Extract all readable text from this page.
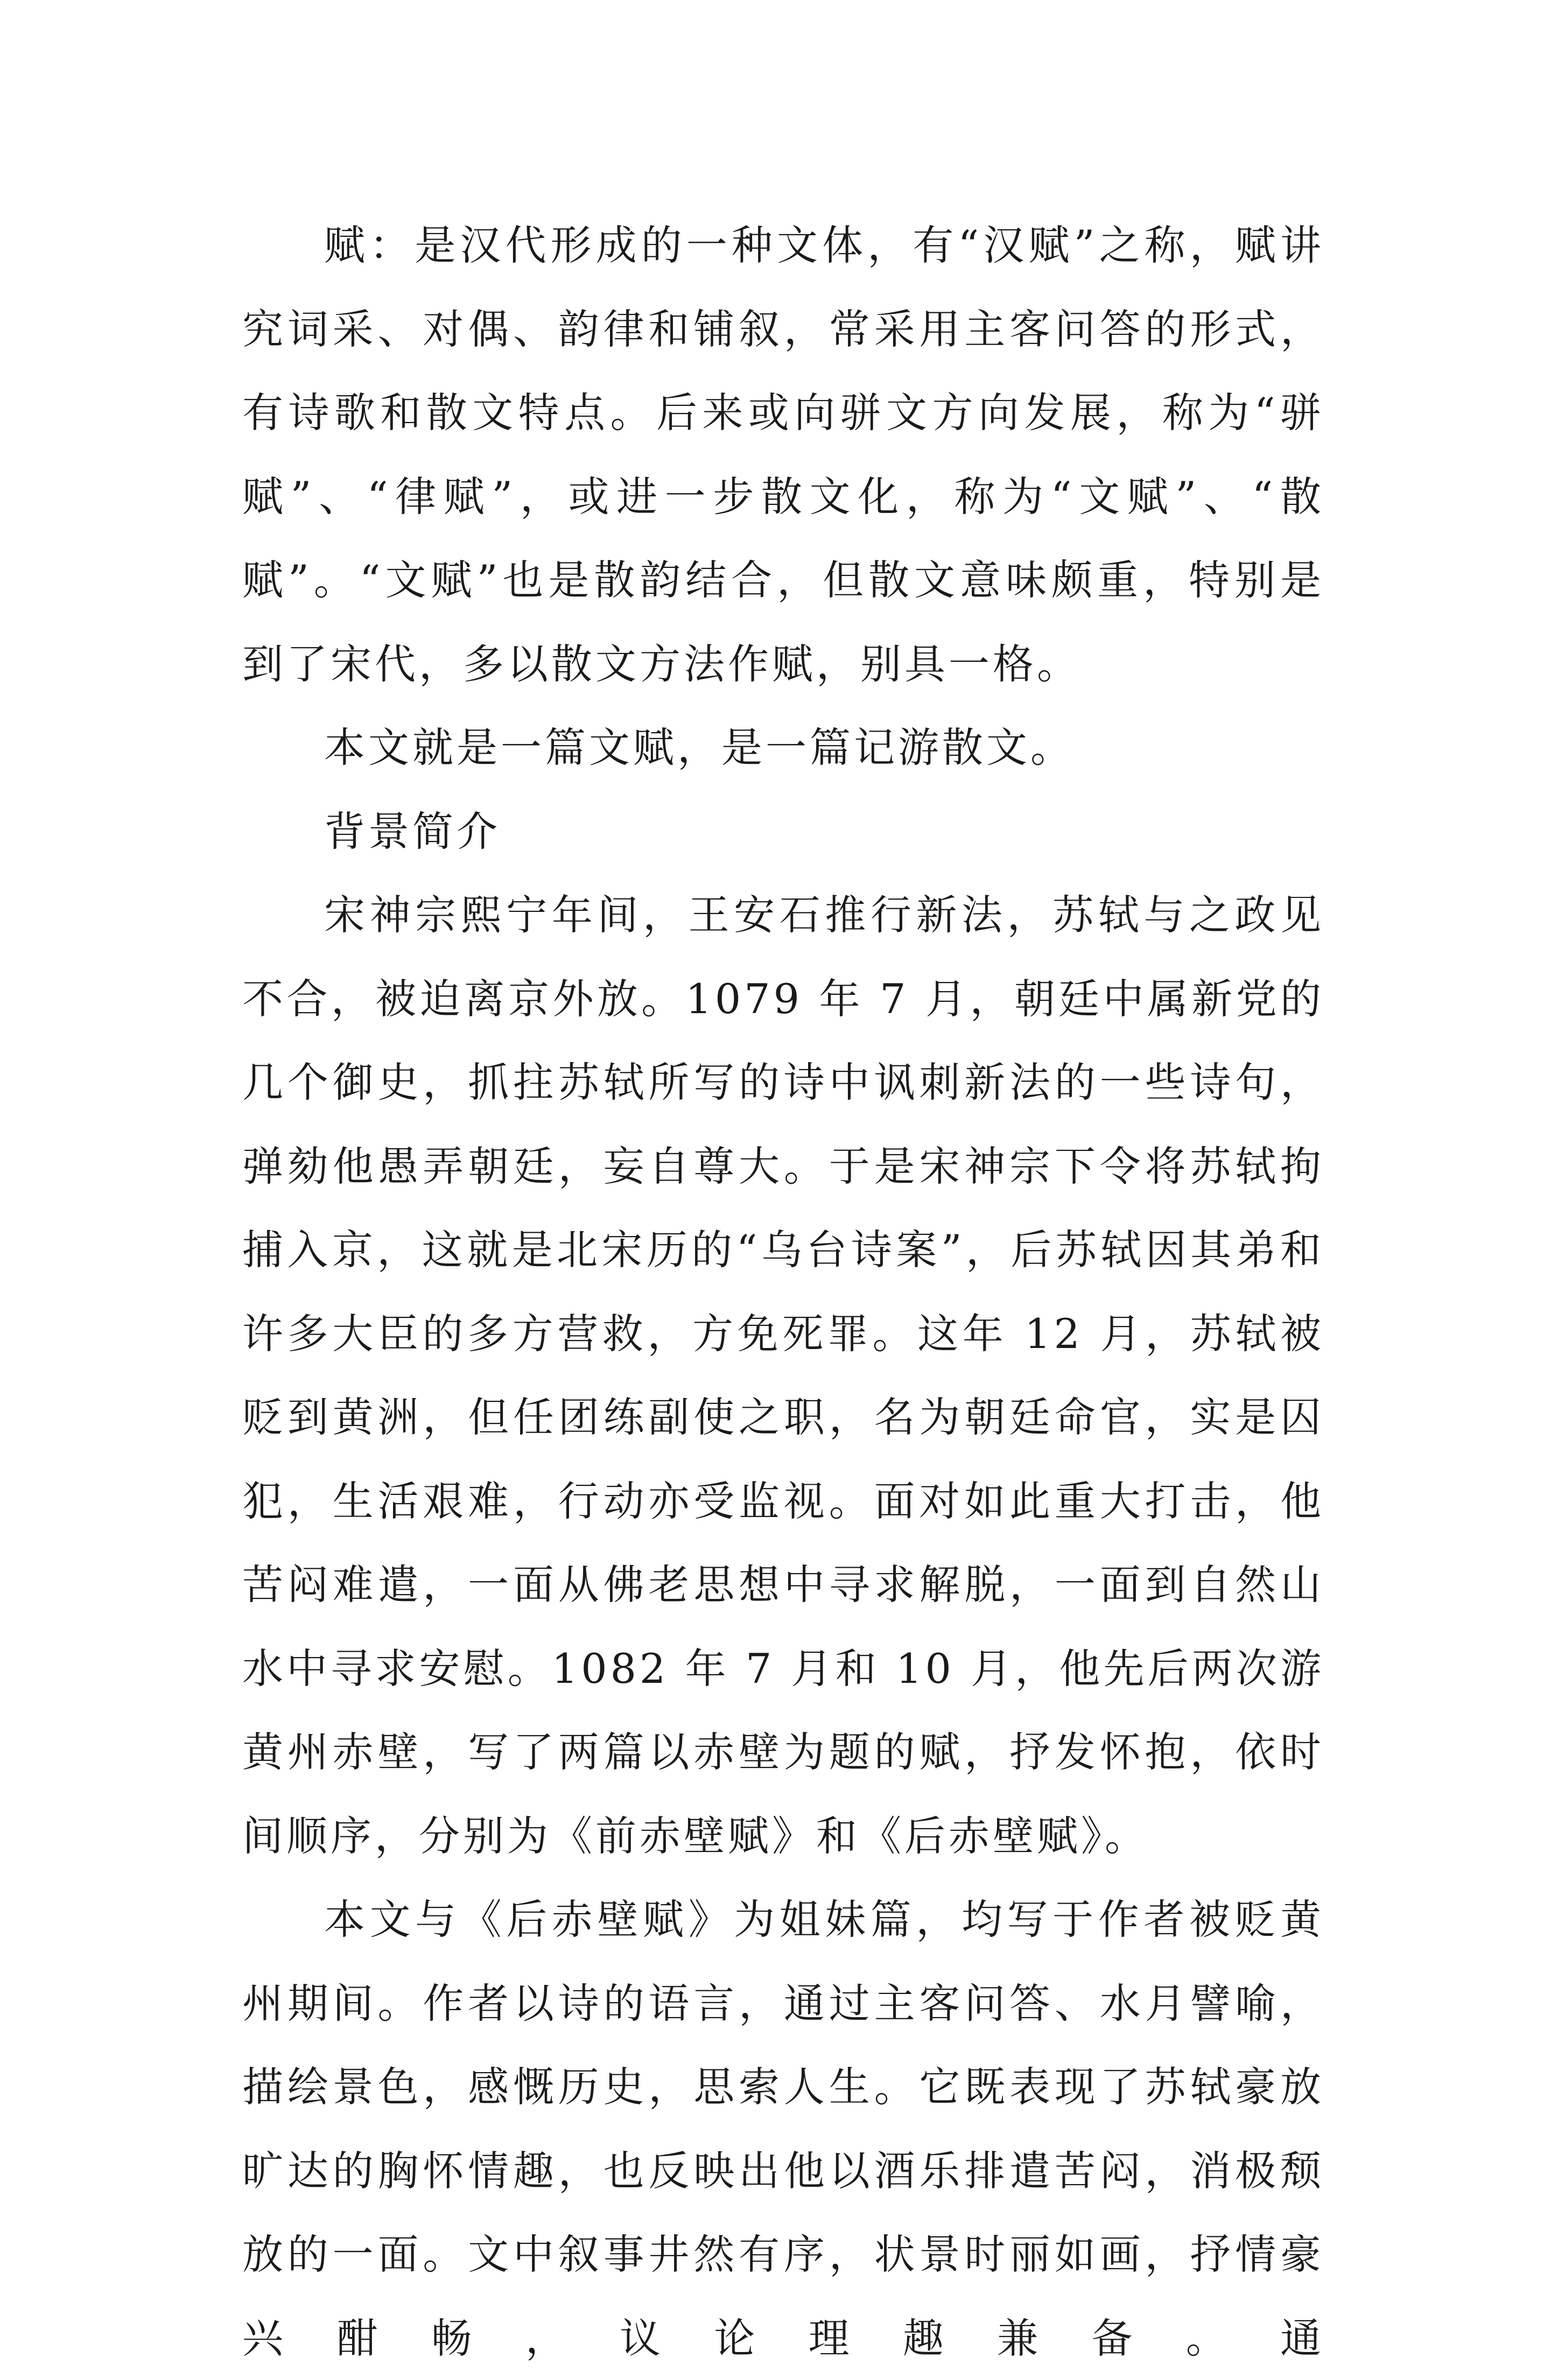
赋：是汉代形成的一种文体，有“汉赋”之称，赋讲究词采、对偶、韵律和铺叙，常采用主客问答的形式，有诗歌和散文特点。后来或向骈文方向发展，称为“骈赋”、“律赋”，或进一步散文化，称为“文赋”、“散赋”。“文赋”也是散韵结合，但散文意味颇重，特别是到了宋代，多以散文方法作赋，别具一格。

本文就是一篇文赋，是一篇记游散文。

背景简介

宋神宗熙宁年间，王安石推行新法，苏轼与之政见不合，被迫离京外放。1079 年 7 月，朝廷中属新党的几个御史，抓拄苏轼所写的诗中讽刺新法的一些诗句，弹劾他愚弄朝廷，妄自尊大。于是宋神宗下令将苏轼拘捕入京，这就是北宋历的“乌台诗案”，后苏轼因其弟和许多大臣的多方营救，方免死罪。这年 12 月，苏轼被贬到黄洲，但任团练副使之职，名为朝廷命官，实是囚犯，生活艰难，行动亦受监视。面对如此重大打击，他苦闷难遣，一面从佛老思想中寻求解脱，一面到自然山水中寻求安慰。1082 年 7 月和 10 月，他先后两次游黄州赤壁，写了两篇以赤壁为题的赋，抒发怀抱，依时间顺序，分别为《前赤壁赋》和《后赤壁赋》。

本文与《后赤壁赋》为姐妹篇，均写于作者被贬黄州期间。作者以诗的语言，通过主客问答、水月譬喻，描绘景色，感慨历史，思索人生。它既表现了苏轼豪放旷达的胸怀情趣，也反映出他以酒乐排遣苦闷，消极颓放的一面。文中叙事井然有序，状景时丽如画，抒情豪兴酣畅，议论理趣兼备。通
